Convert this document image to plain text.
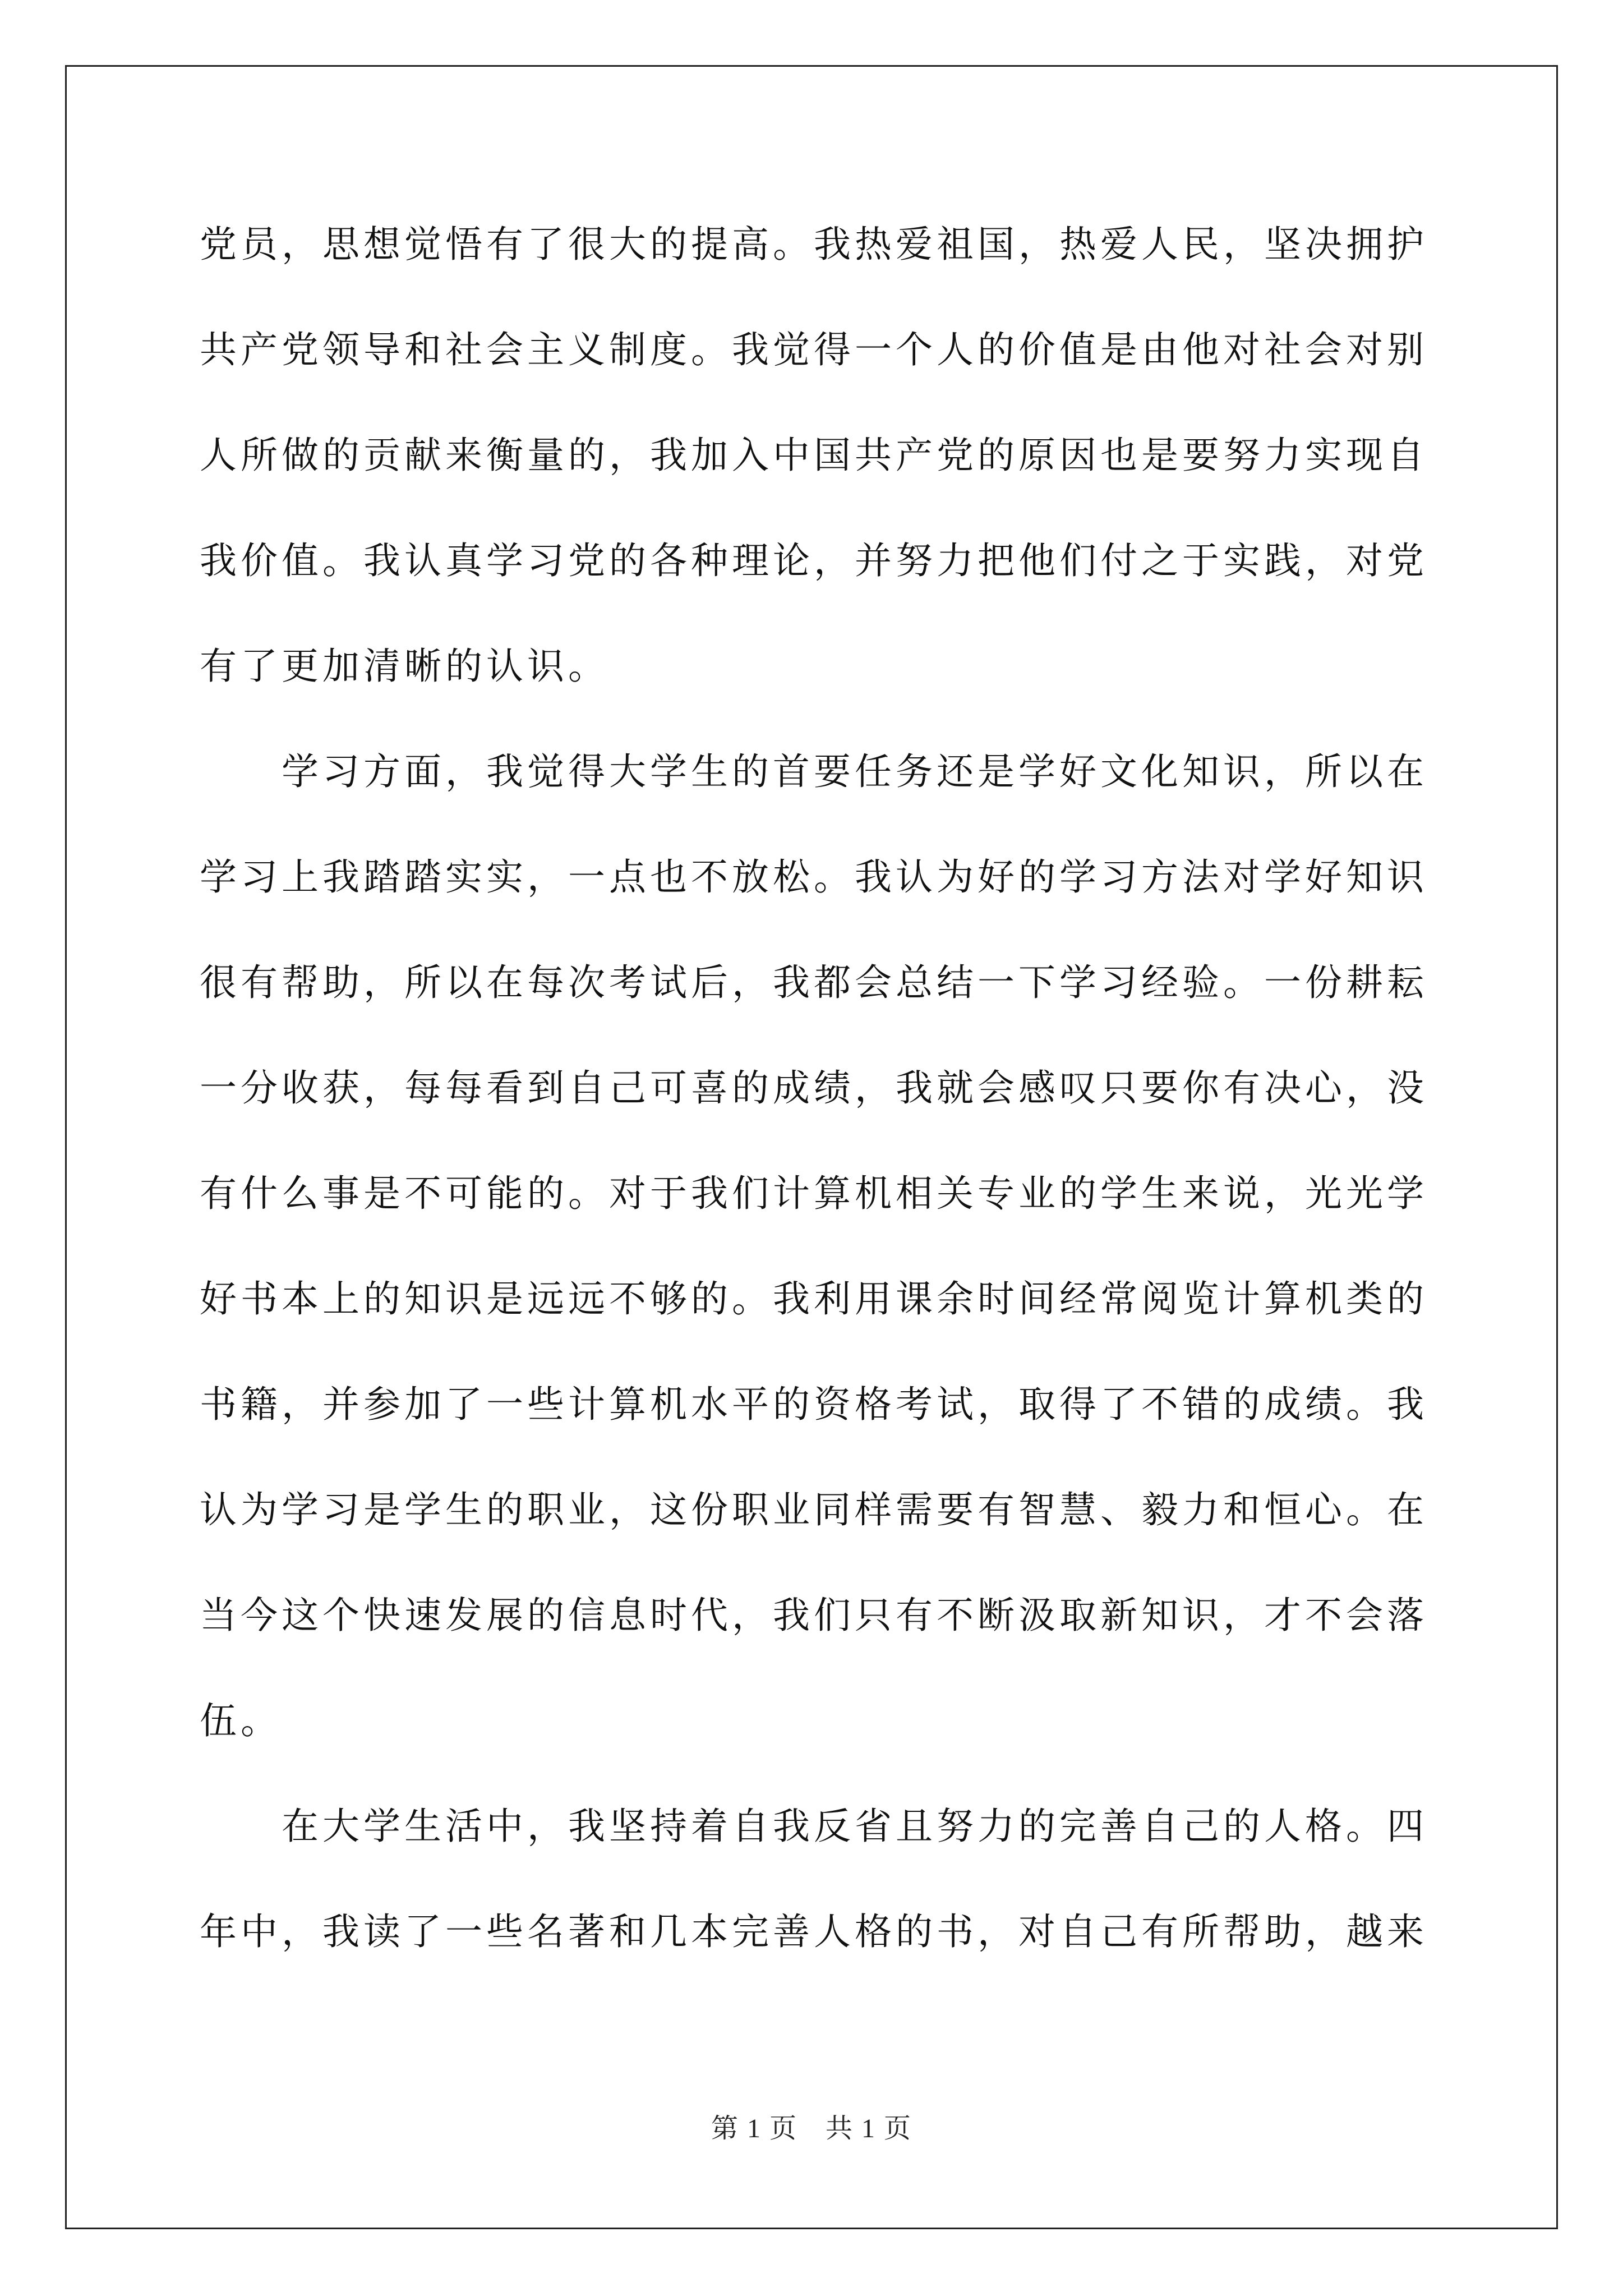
党员，思想觉悟有了很大的提高。我热爱祖国，热爱人民，坚决拥护
共产党领导和社会主义制度。我觉得一个人的价值是由他对社会对别
人所做的贡献来衡量的，我加入中国共产党的原因也是要努力实现自
我价值。我认真学习党的各种理论，并努力把他们付之于实践，对党
有了更加清晰的认识。
学习方面，我觉得大学生的首要任务还是学好文化知识，所以在
学习上我踏踏实实，一点也不放松。我认为好的学习方法对学好知识
很有帮助，所以在每次考试后，我都会总结一下学习经验。一份耕耘
一分收获，每每看到自己可喜的成绩，我就会感叹只要你有决心，没
有什么事是不可能的。对于我们计算机相关专业的学生来说，光光学
好书本上的知识是远远不够的。我利用课余时间经常阅览计算机类的
书籍，并参加了一些计算机水平的资格考试，取得了不错的成绩。我
认为学习是学生的职业，这份职业同样需要有智慧、毅力和恒心。在
当今这个快速发展的信息时代，我们只有不断汲取新知识，才不会落
伍。
在大学生活中，我坚持着自我反省且努力的完善自己的人格。四
年中，我读了一些名著和几本完善人格的书，对自己有所帮助，越来
第 1 页　共 1 页
